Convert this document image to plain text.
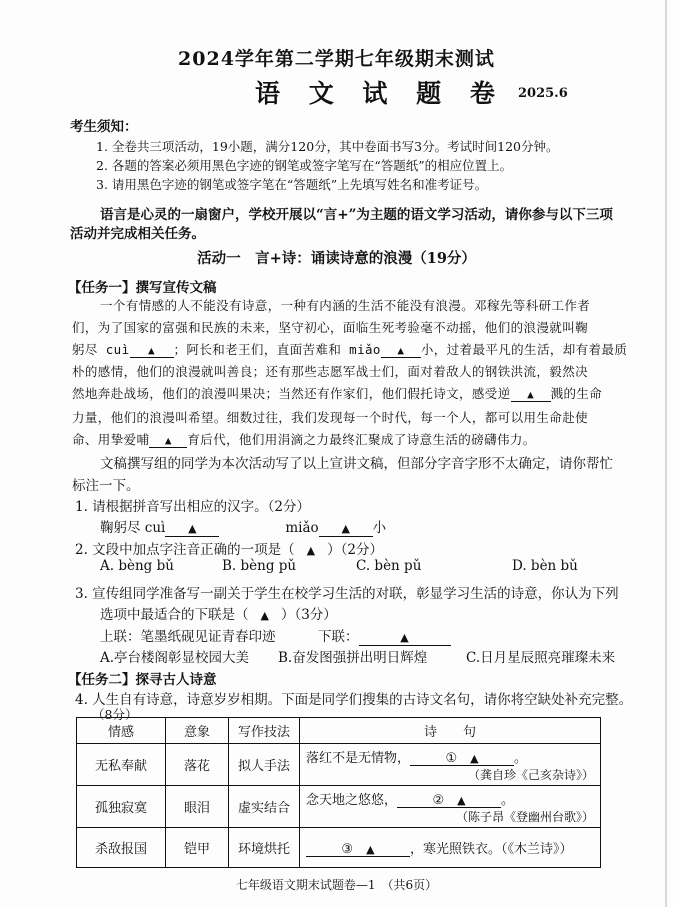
2024学年第二学期七年级期末测试
语 文 试 题 卷 2025.6
考生须知：
1. 全卷共三项活动，19小题，满分120分，其中卷面书写3分。考试时间120分钟。
2. 各题的答案必须用黑色字迹的钢笔或签字笔写在“答题纸”的相应位置上。
3. 请用黑色字迹的钢笔或签字笔在“答题纸”上先填写姓名和准考证号。
语言是心灵的一扇窗户，学校开展以“言+”为主题的语文学习活动，请你参与以下三项
活动并完成相关任务。
活动一　言+诗：诵读诗意的浪漫（19分）
【任务一】撰写宣传文稿
一个有情感的人不能没有诗意，一种有内涵的生活不能没有浪漫。邓稼先等科研工作者
们，为了国家的富强和民族的未来，坚守初心，面临生死考验毫不动摇，他们的浪漫就叫鞠
躬尽 cuì ▲ ；阿长和老王们，直面苦难和 miǎo ▲ 小，过着最平凡的生活，却有着最质
朴的感情，他们的浪漫就叫善良；还有那些志愿军战士们，面对着敌人的钢铁洪流，毅然决
然地奔赴战场，他们的浪漫叫果决；当然还有作家们，他们假托诗文，感受逆 ▲ 溅的生命
力量，他们的浪漫叫希望。细数过往，我们发现每一个时代，每一个人，都可以用生命赴使
命、用挚爱哺 ▲ 育后代，他们用涓滴之力最终汇聚成了诗意生活的磅礴伟力。
文稿撰写组的同学为本次活动写了以上宣讲文稿，但部分字音字形不太确定，请你帮忙
标注一下。
1. 请根据拼音写出相应的汉字。（2分）
鞠躬尽 cuì ▲	miǎo ▲ 小
2. 文段中加点字注音正确的一项是（ ▲ ）（2分）
A. bèng bǔ	B. bèng pǔ	C. bèn pǔ	D. bèn bǔ
3. 宣传组同学准备写一副关于学生在校学习生活的对联，彰显学习生活的诗意，你认为下列
选项中最适合的下联是（ ▲ ）（3分）
上联：笔墨纸砚见证青春印迹	下联：	▲
A.亭台楼阁彰显校园大美 B.奋发图强拼出明日辉煌	C.日月星辰照亮璀璨未来
【任务二】探寻古人诗意
4. 人生自有诗意，诗意岁岁相期。下面是同学们搜集的古诗文名句，请你将空缺处补充完整。
（8分）
情感	意象	写作技法	诗　　句
无私奉献	落花	拟人手法	落红不是无情物， ①　 ▲ 。
（龚自珍《己亥杂诗》）

孤独寂寞	眼泪	虚实结合	念天地之悠悠， ②　 ▲ 。
（陈子昂《登幽州台歌》）

杀敌报国	铠甲	环境烘托	③　 ▲ ，寒光照铁衣。（《木兰诗》）
七年级语文期末试题卷—1　（共6页）
